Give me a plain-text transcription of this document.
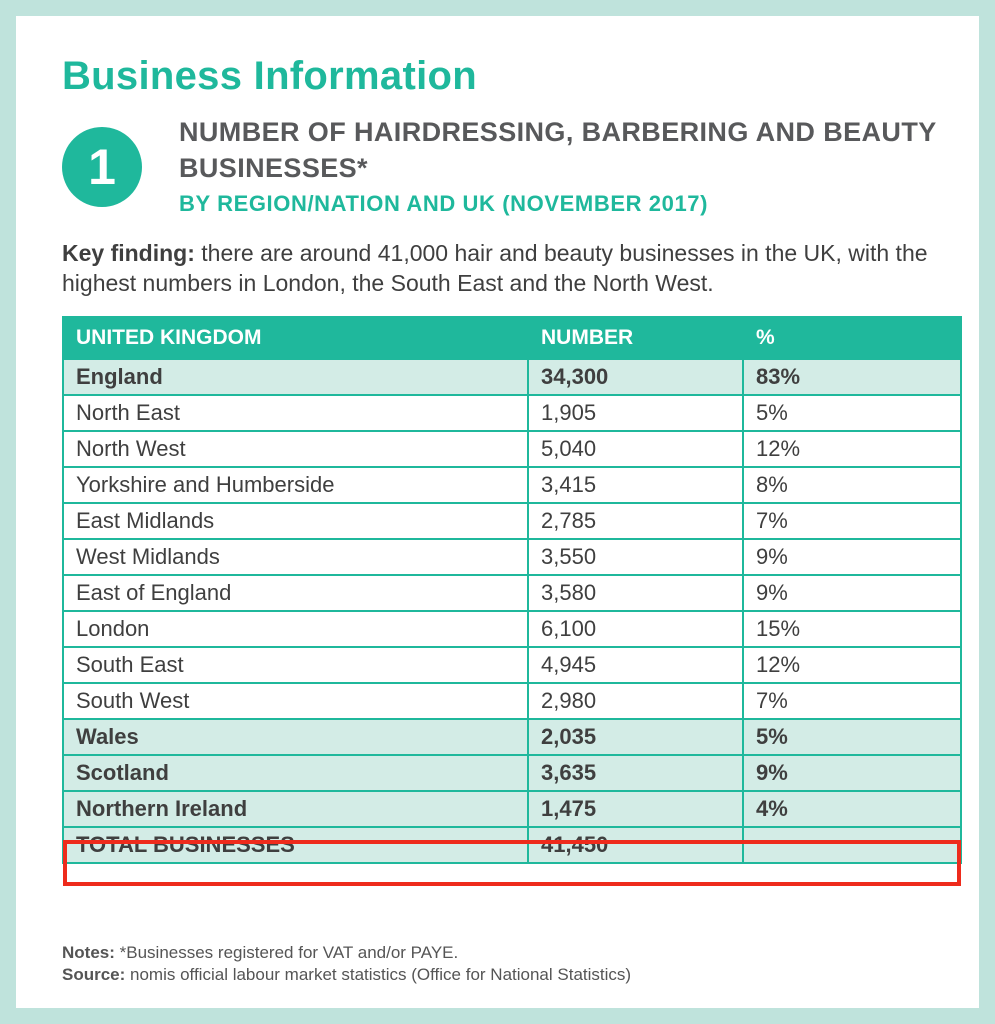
Business Information
1
NUMBER OF HAIRDRESSING, BARBERING AND BEAUTY BUSINESSES*
BY REGION/NATION AND UK (NOVEMBER 2017)
Key finding: there are around 41,000 hair and beauty businesses in the UK, with the highest numbers in London, the South East and the North West.
UNITED KINGDOM	NUMBER	%
England	34,300	83%
North East	1,905	5%
North West	5,040	12%
Yorkshire and Humberside	3,415	8%
East Midlands	2,785	7%
West Midlands	3,550	9%
East of England	3,580	9%
London	6,100	15%
South East	4,945	12%
South West	2,980	7%
Wales	2,035	5%
Scotland	3,635	9%
Northern Ireland	1,475	4%
TOTAL BUSINESSES	41,450	
Notes: *Businesses registered for VAT and/or PAYE.
Source: nomis official labour market statistics (Office for National Statistics)
